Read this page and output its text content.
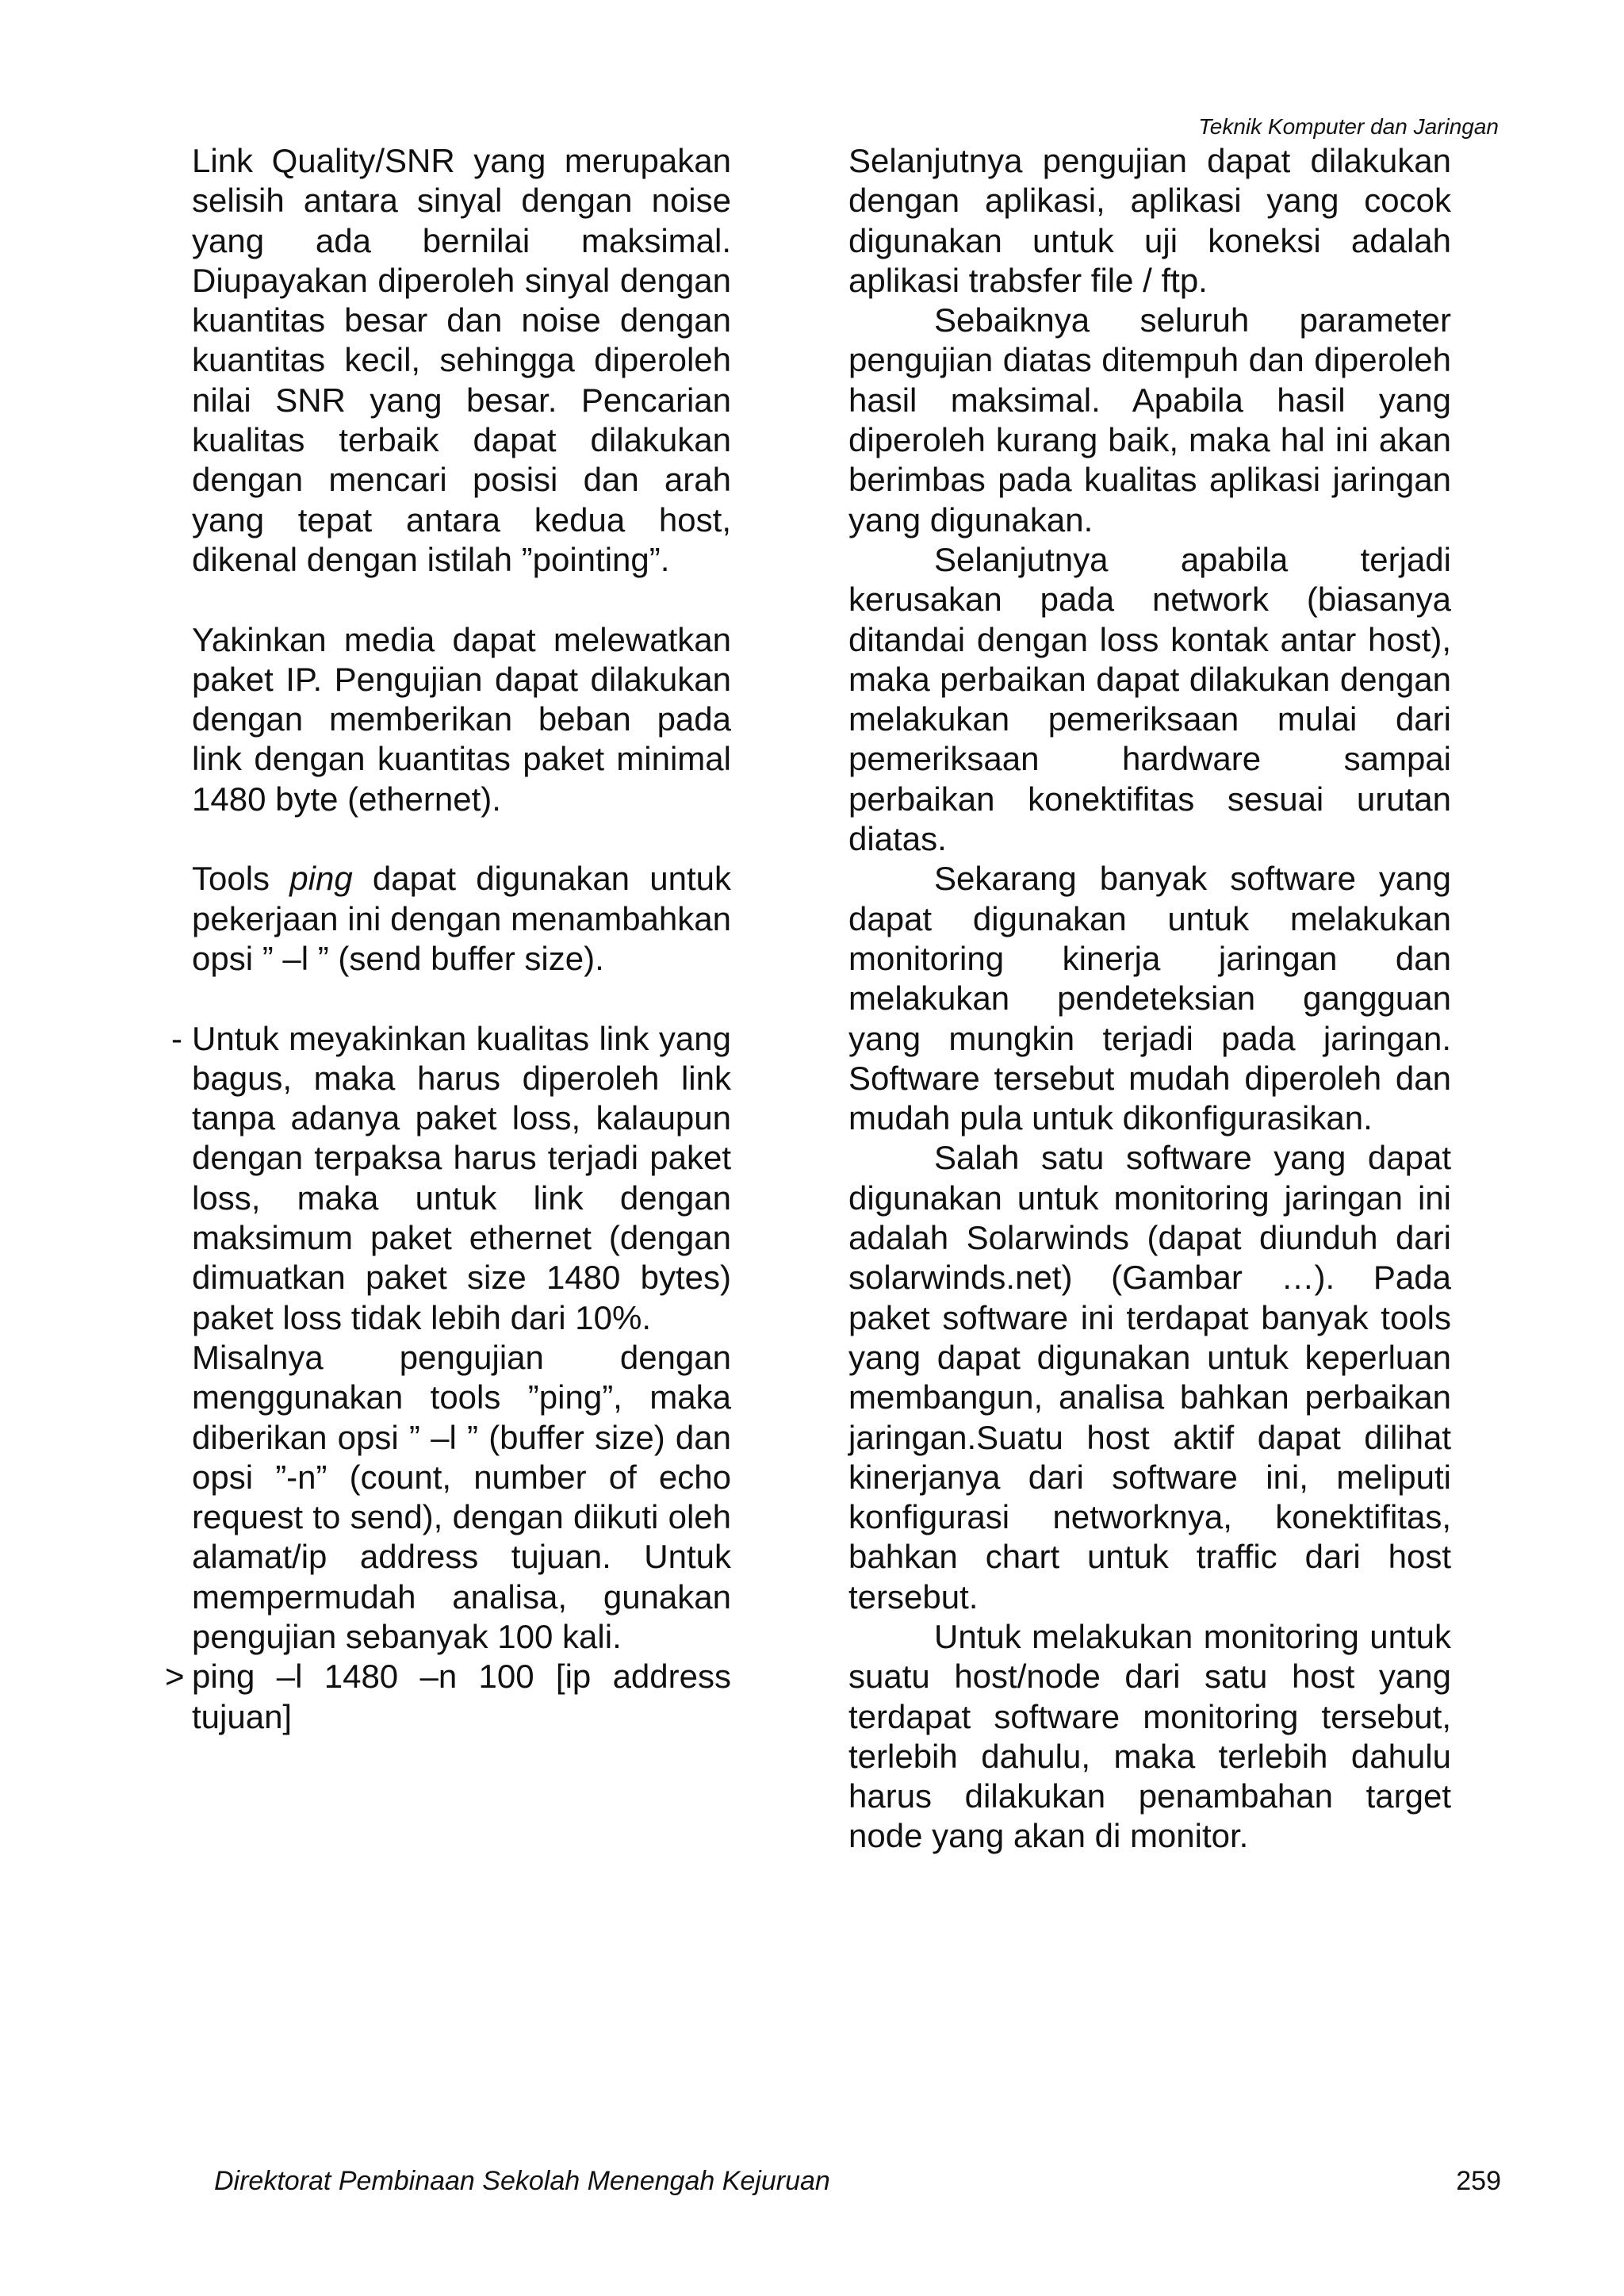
Teknik Komputer dan Jaringan

Link Quality/SNR yang merupakan selisih antara sinyal dengan noise yang ada bernilai maksimal. Diupayakan diperoleh sinyal dengan kuantitas besar dan noise dengan kuantitas kecil, sehingga diperoleh nilai SNR yang besar. Pencarian kualitas terbaik dapat dilakukan dengan mencari posisi dan arah yang tepat antara kedua host, dikenal dengan istilah ”pointing”.

Yakinkan media dapat melewatkan paket IP. Pengujian dapat dilakukan dengan memberikan beban pada link dengan kuantitas paket minimal 1480 byte (ethernet).

Tools ping dapat digunakan untuk pekerjaan ini dengan menambahkan opsi ” –l ” (send buffer size).

- Untuk meyakinkan kualitas link yang bagus, maka harus diperoleh link tanpa adanya paket loss, kalaupun dengan terpaksa harus terjadi paket loss, maka untuk link dengan maksimum paket ethernet (dengan dimuatkan paket size 1480 bytes) paket loss tidak lebih dari 10%.
Misalnya pengujian dengan menggunakan tools ”ping”, maka diberikan opsi ” –l ” (buffer size) dan opsi ”-n” (count, number of echo request to send), dengan diikuti oleh alamat/ip address tujuan. Untuk mempermudah analisa, gunakan pengujian sebanyak 100 kali.
> ping –l 1480 –n 100 [ip address tujuan]

Selanjutnya pengujian dapat dilakukan dengan aplikasi, aplikasi yang cocok digunakan untuk uji koneksi adalah aplikasi trabsfer file / ftp.

Sebaiknya seluruh parameter pengujian diatas ditempuh dan diperoleh hasil maksimal. Apabila hasil yang diperoleh kurang baik, maka hal ini akan berimbas pada kualitas aplikasi jaringan yang digunakan.

Selanjutnya apabila terjadi kerusakan pada network (biasanya ditandai dengan loss kontak antar host), maka perbaikan dapat dilakukan dengan melakukan pemeriksaan mulai dari pemeriksaan hardware sampai perbaikan konektifitas sesuai urutan diatas.

Sekarang banyak software yang dapat digunakan untuk melakukan monitoring kinerja jaringan dan melakukan pendeteksian gangguan yang mungkin terjadi pada jaringan. Software tersebut mudah diperoleh dan mudah pula untuk dikonfigurasikan.

Salah satu software yang dapat digunakan untuk monitoring jaringan ini adalah Solarwinds (dapat diunduh dari solarwinds.net) (Gambar …). Pada paket software ini terdapat banyak tools yang dapat digunakan untuk keperluan membangun, analisa bahkan perbaikan jaringan.Suatu host aktif dapat dilihat kinerjanya dari software ini, meliputi konfigurasi networknya, konektifitas, bahkan chart untuk traffic dari host tersebut.

Untuk melakukan monitoring untuk suatu host/node dari satu host yang terdapat software monitoring tersebut, terlebih dahulu, maka terlebih dahulu harus dilakukan penambahan target node yang akan di monitor.

Direktorat Pembinaan Sekolah Menengah Kejuruan	259
